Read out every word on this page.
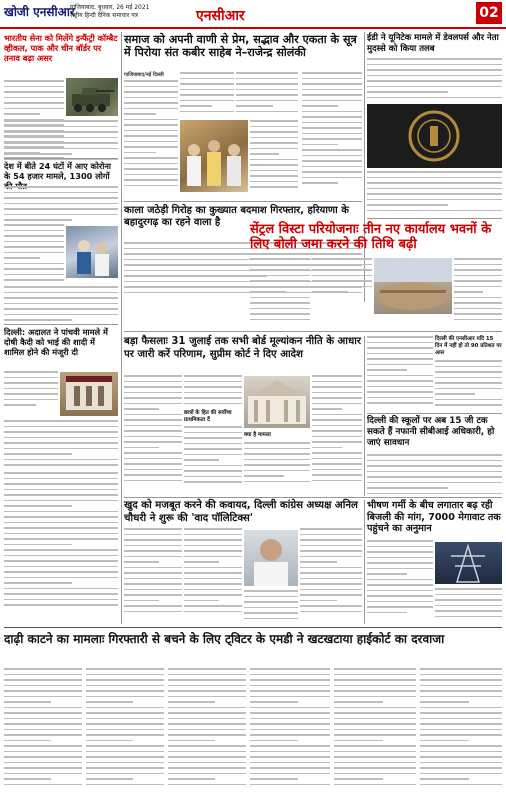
खोजी एनसीआर
गाजियाबाद, बुधवार, 26 मई 2021
राष्ट्रीय हिन्दी दैनिक समाचार पत्र	एनसीआर	02
भारतीय सेना को मिलेंगे इन्फैंट्री कॉम्बैट व्हीकल, पाक और चीन बॉर्डर पर तनाव बढ़ा असर
देश में बीते 24 घंटों में आए कोरोना के 54 हजार मामले, 1300 लोगों
दिल्ली: अदालत ने पांचवी मामले में दोषी कैदी को भाई की शादी में शामिल होने की मंजूरी दी
समाज को अपनी वाणी से प्रेम, सद्भाव और एकता के सूत्र में पिरोया संत कबीर साहेब ने–राजेन्द्र सोलंकी
गाजियाबाद/नई दिल्ली
काला जठेड़ी गिरोह का कुख्यात बदमाश गिरफ्तार, हरियाणा के बहादुरगढ़ का रहने वाला है
ईडी ने यूनिटेक मामले में डेवलपर्स और नेता मुदस्से को किया तलब
सेंट्रल विस्टा परियोजनाः तीन नए कार्यालय भवनों के लिए बोली जमा करने की तिथि बढ़ी
बड़ा फैसलाः 31 जुलाई तक सभी बोर्ड मूल्यांकन नीति के आधार पर जारी करें परिणाम, सुप्रीम कोर्ट ने दिए आदेश
छात्रों के हित की सर्वोच्च प्राथमिकता दें
क्या है मामला
दिल्ली की एनसीआर यदि 15 दिन में नहीं हो तो 90 प्रतिशत पर आस
दिल्ली की स्कूलों पर अब 15 जी टक सकते हैं नफानी सीबीआई अधिकारी, हो जाएं सावधान
खुद को मजबूत करने की कवायद, दिल्ली कांग्रेस अध्यक्ष अनिल चौधरी ने शुरू की 'वाद पॉलिटिक्स'
भीषण गर्मी के बीच लगातार बढ़ रही बिजली की मांग, 7000 मेगावाट तक पहुंचने का अनुमान
दाढ़ी काटने का मामलाः गिरफ्तारी से बचने के लिए ट्विटर के एमडी ने खटखटाया हाईकोर्ट का दरवाजा
